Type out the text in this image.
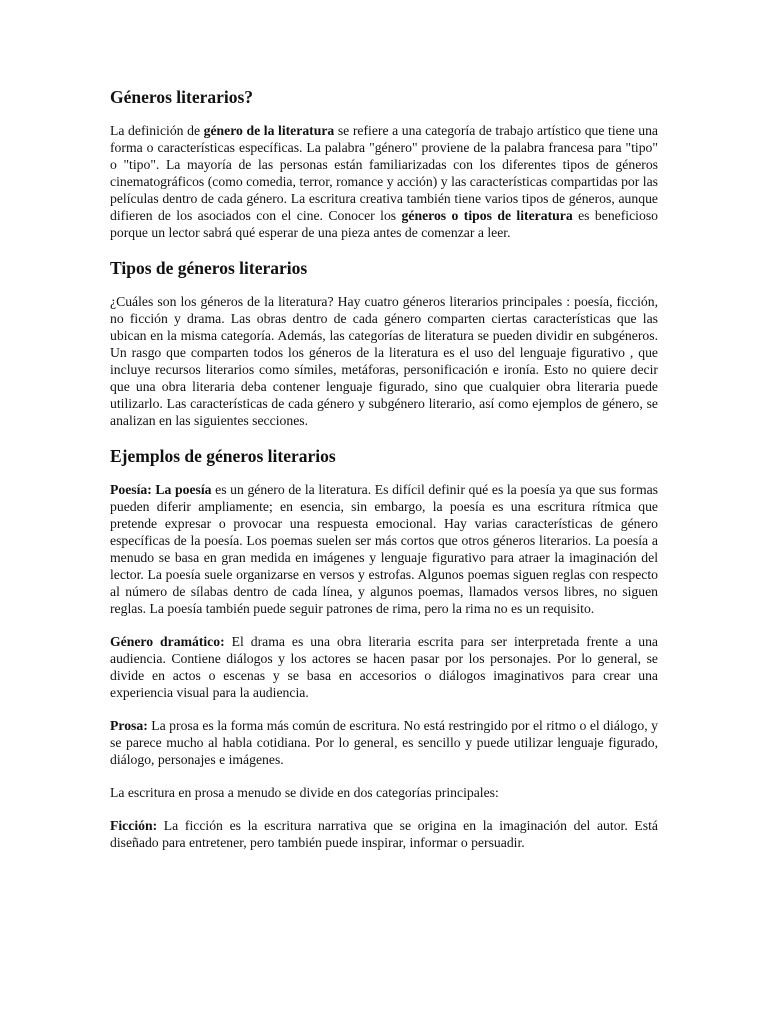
Géneros literarios?

La definición de género de la literatura se refiere a una categoría de trabajo artístico que tiene una forma o características específicas. La palabra "género" proviene de la palabra francesa para "tipo" o "tipo". La mayoría de las personas están familiarizadas con los diferentes tipos de géneros cinematográficos (como comedia, terror, romance y acción) y las características compartidas por las películas dentro de cada género. La escritura creativa también tiene varios tipos de géneros, aunque difieren de los asociados con el cine. Conocer los géneros o tipos de literatura es beneficioso porque un lector sabrá qué esperar de una pieza antes de comenzar a leer.

Tipos de géneros literarios

¿Cuáles son los géneros de la literatura? Hay cuatro géneros literarios principales : poesía, ficción, no ficción y drama. Las obras dentro de cada género comparten ciertas características que las ubican en la misma categoría. Además, las categorías de literatura se pueden dividir en subgéneros. Un rasgo que comparten todos los géneros de la literatura es el uso del lenguaje figurativo , que incluye recursos literarios como símiles, metáforas, personificación e ironía. Esto no quiere decir que una obra literaria deba contener lenguaje figurado, sino que cualquier obra literaria puede utilizarlo. Las características de cada género y subgénero literario, así como ejemplos de género, se analizan en las siguientes secciones.

Ejemplos de géneros literarios

Poesía: La poesía es un género de la literatura. Es difícil definir qué es la poesía ya que sus formas pueden diferir ampliamente; en esencia, sin embargo, la poesía es una escritura rítmica que pretende expresar o provocar una respuesta emocional. Hay varias características de género específicas de la poesía. Los poemas suelen ser más cortos que otros géneros literarios. La poesía a menudo se basa en gran medida en imágenes y lenguaje figurativo para atraer la imaginación del lector. La poesía suele organizarse en versos y estrofas. Algunos poemas siguen reglas con respecto al número de sílabas dentro de cada línea, y algunos poemas, llamados versos libres, no siguen reglas. La poesía también puede seguir patrones de rima, pero la rima no es un requisito.

Género dramático: El drama es una obra literaria escrita para ser interpretada frente a una audiencia. Contiene diálogos y los actores se hacen pasar por los personajes. Por lo general, se divide en actos o escenas y se basa en accesorios o diálogos imaginativos para crear una experiencia visual para la audiencia.

Prosa: La prosa es la forma más común de escritura. No está restringido por el ritmo o el diálogo, y se parece mucho al habla cotidiana. Por lo general, es sencillo y puede utilizar lenguaje figurado, diálogo, personajes e imágenes.

La escritura en prosa a menudo se divide en dos categorías principales:

Ficción: La ficción es la escritura narrativa que se origina en la imaginación del autor. Está diseñado para entretener, pero también puede inspirar, informar o persuadir.
